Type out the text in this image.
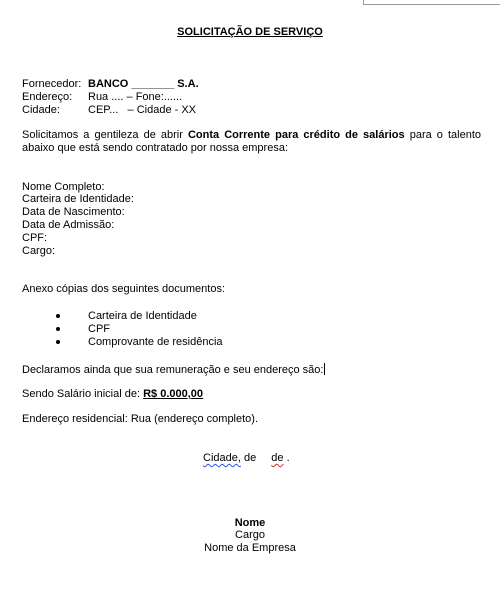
SOLICITAÇÃO DE SERVIÇO
Fornecedor: BANCO _______ S.A.
Endereço: Rua .... – Fone:......
Cidade:	CEP...   – Cidade - XX
Solicitamos a gentileza de abrir Conta Corrente para crédito de salários para o talento abaixo que está sendo contratado por nossa empresa:
Nome Completo:
Carteira de Identidade:
Data de Nascimento:
Data de Admissão:
CPF:
Cargo:
Anexo cópias dos seguintes documentos:
Carteira de Identidade
CPF
Comprovante de residência
Declaramos ainda que sua remuneração e seu endereço são:
Sendo Salário inicial de: R$ 0.000,00
Endereço residencial: Rua (endereço completo).
Cidade, de de .
Nome
Cargo
Nome da Empresa
